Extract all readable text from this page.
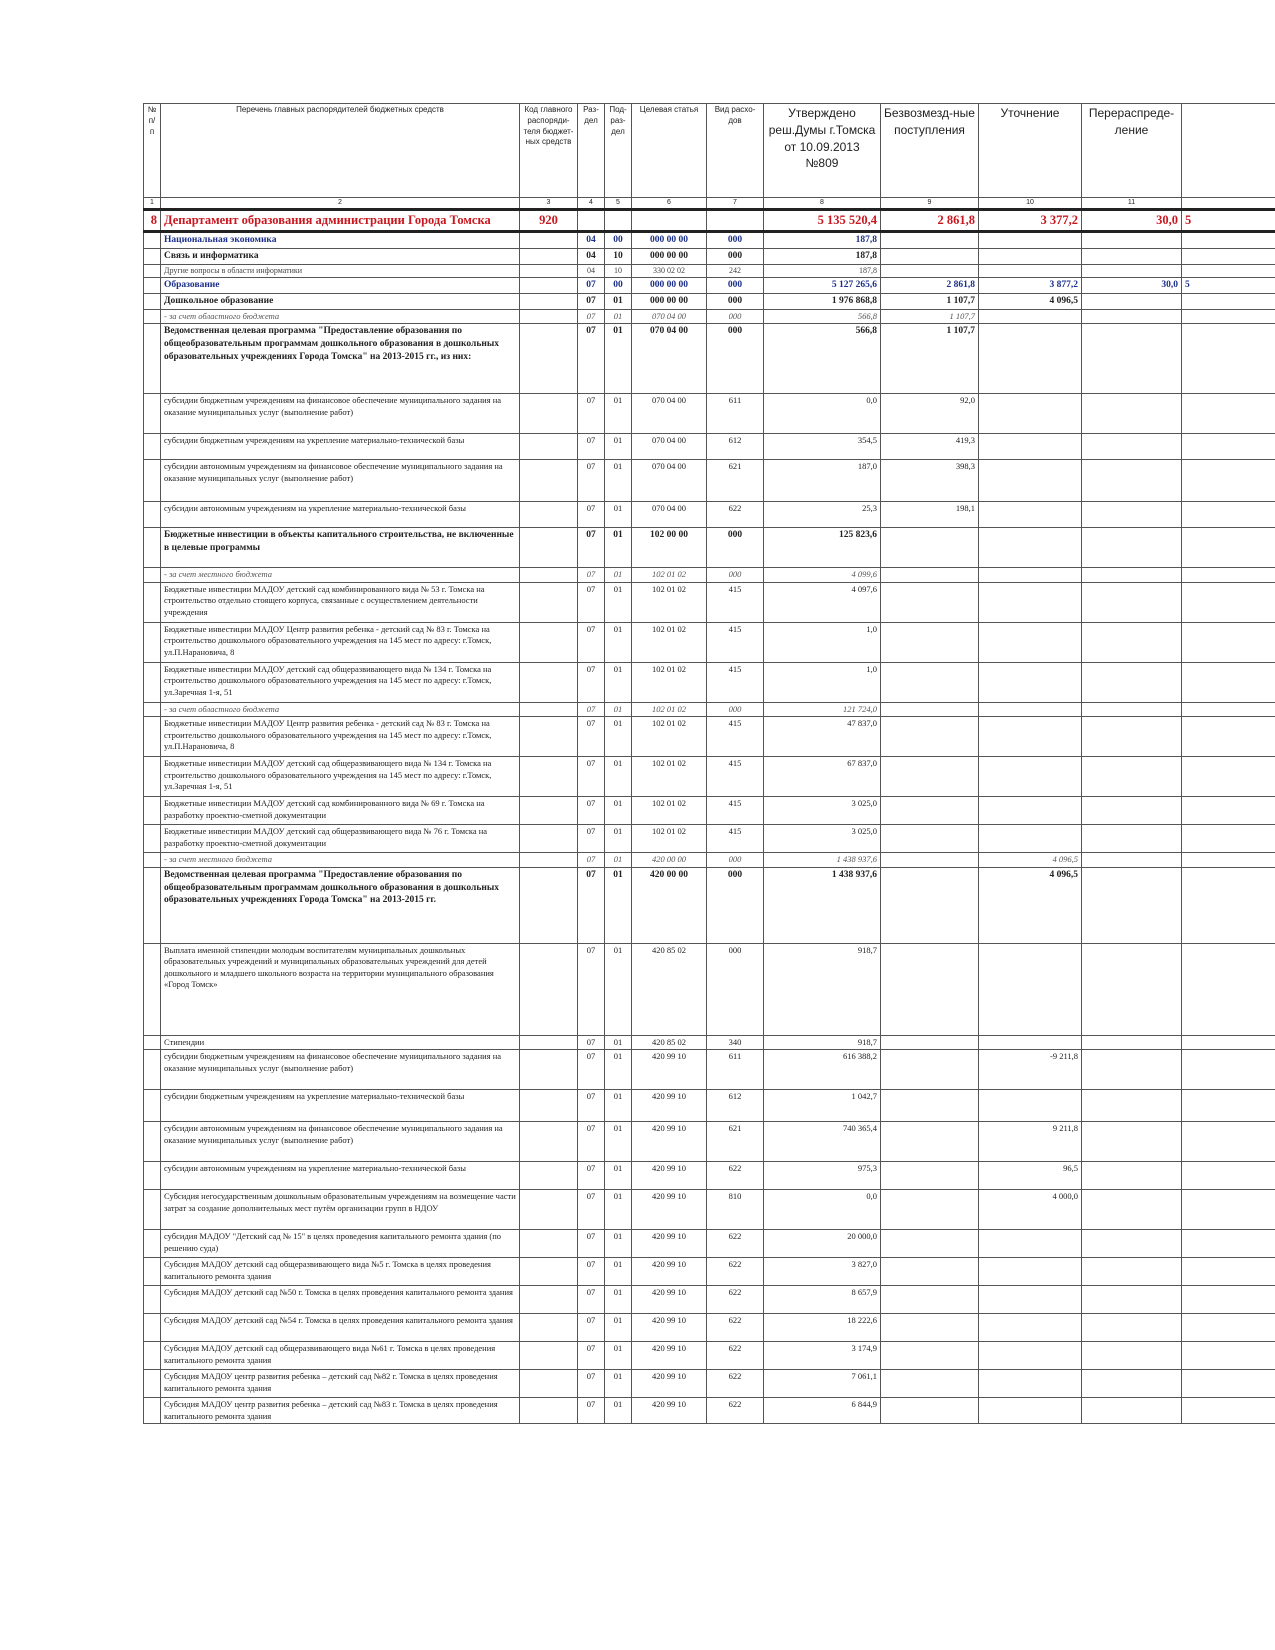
№ п/п	Перечень главных распорядителей бюджетных средств	Код главного распоряди-теля бюджет-ных средств	Раз-дел	Под-раз-дел	Целевая статья	Вид расхо-дов	Утверждено реш.Думы г.Томска от 10.09.2013 №809	Безвозмезд-ные поступления	Уточнение	Перераспреде-ление	
1	2	3	4	5	6	7	8	9	10	11	
8	Департамент образования администрации Города Томска	920					5 135 520,4	2 861,8	3 377,2	30,0	5
	Национальная экономика		04	00	000 00 00	000	187,8				
	Связь и информатика		04	10	000 00 00	000	187,8				
	Другие вопросы в области информатики		04	10	330 02 02	242	187,8				
	Образование		07	00	000 00 00	000	5 127 265,6	2 861,8	3 877,2	30,0	5
	Дошкольное образование		07	01	000 00 00	000	1 976 868,8	1 107,7	4 096,5		
	- за счет областного бюджета		07	01	070 04 00	000	566,8	1 107,7			
	Ведомственная целевая программа "Предоставление образования по общеобразовательным программам дошкольного образования в дошкольных образовательных учреждениях Города Томска" на 2013-2015 гг., из них:		07	01	070 04 00	000	566,8	1 107,7			
	субсидии бюджетным учреждениям на финансовое обеспечение муниципального задания на оказание муниципальных услуг (выполнение работ)		07	01	070 04 00	611	0,0	92,0			
	субсидии бюджетным учреждениям на укрепление материально-технической базы		07	01	070 04 00	612	354,5	419,3			
	субсидии автономным учреждениям на финансовое обеспечение муниципального задания на оказание муниципальных услуг (выполнение работ)		07	01	070 04 00	621	187,0	398,3			
	субсидии автономным учреждениям на укрепление материально-технической базы		07	01	070 04 00	622	25,3	198,1			
	Бюджетные инвестиции в объекты капитального строительства, не включенные в целевые программы		07	01	102 00 00	000	125 823,6				
	- за счет местного бюджета		07	01	102 01 02	000	4 099,6				
	Бюджетные инвестиции МАДОУ детский сад комбинированного вида № 53 г. Томска на строительство отдельно стоящего корпуса, связанные с осуществлением деятельности учреждения		07	01	102 01 02	415	4 097,6				
	Бюджетные инвестиции МАДОУ Центр развития ребенка - детский сад № 83 г. Томска на строительство дошкольного образовательного учреждения на 145 мест по адресу: г.Томск, ул.П.Нарановича, 8		07	01	102 01 02	415	1,0				
	Бюджетные инвестиции МАДОУ детский сад общеразвивающего вида № 134 г. Томска на строительство дошкольного образовательного учреждения на 145 мест по адресу: г.Томск, ул.Заречная 1-я, 51		07	01	102 01 02	415	1,0				
	- за счет областного бюджета		07	01	102 01 02	000	121 724,0				
	Бюджетные инвестиции МАДОУ Центр развития ребенка - детский сад № 83 г. Томска на строительство дошкольного образовательного учреждения на 145 мест по адресу: г.Томск, ул.П.Нарановича, 8		07	01	102 01 02	415	47 837,0				
	Бюджетные инвестиции МАДОУ детский сад общеразвивающего вида № 134 г. Томска на строительство дошкольного образовательного учреждения на 145 мест по адресу: г.Томск, ул.Заречная 1-я, 51		07	01	102 01 02	415	67 837,0				
	Бюджетные инвестиции МАДОУ детский сад комбинированного вида № 69 г. Томска на разработку проектно-сметной документации		07	01	102 01 02	415	3 025,0				
	Бюджетные инвестиции МАДОУ детский сад общеразвивающего вида № 76 г. Томска на разработку проектно-сметной документации		07	01	102 01 02	415	3 025,0				
	- за счет местного бюджета		07	01	420 00 00	000	1 438 937,6		4 096,5		
	Ведомственная целевая программа "Предоставление образования по общеобразовательным программам дошкольного образования в дошкольных образовательных учреждениях Города Томска" на 2013-2015 гг.		07	01	420 00 00	000	1 438 937,6		4 096,5		
	Выплата именной стипендии молодым воспитателям муниципальных дошкольных образовательных учреждений и муниципальных образовательных учреждений для детей дошкольного и младшего школьного возраста на территории муниципального образования «Город Томск»		07	01	420 85 02	000	918,7				
	Стипендии		07	01	420 85 02	340	918,7				
	субсидии бюджетным учреждениям на финансовое обеспечение муниципального задания на оказание муниципальных услуг (выполнение работ)		07	01	420 99 10	611	616 388,2		-9 211,8		
	субсидии бюджетным учреждениям на укрепление материально-технической базы		07	01	420 99 10	612	1 042,7				
	субсидии автономным учреждениям на финансовое обеспечение муниципального задания на оказание муниципальных услуг (выполнение работ)		07	01	420 99 10	621	740 365,4		9 211,8		
	субсидии автономным учреждениям на укрепление материально-технической базы		07	01	420 99 10	622	975,3		96,5		
	Субсидия негосударственным дошкольным образовательным учреждениям на возмещение части затрат за создание дополнительных мест путём организации групп в НДОУ		07	01	420 99 10	810	0,0		4 000,0		
	субсидия МАДОУ "Детский сад № 15" в целях проведения капитального ремонта здания (по решению суда)		07	01	420 99 10	622	20 000,0				
	Субсидия МАДОУ детский сад общеразвивающего вида №5 г. Томска в целях проведения капитального ремонта здания		07	01	420 99 10	622	3 827,0				
	Субсидия МАДОУ детский сад №50 г. Томска в целях проведения капитального ремонта здания		07	01	420 99 10	622	8 657,9				
	Субсидия МАДОУ детский сад №54 г. Томска в целях проведения капитального ремонта здания		07	01	420 99 10	622	18 222,6				
	Субсидия МАДОУ детский сад общеразвивающего вида №61 г. Томска в целях проведения капитального ремонта здания		07	01	420 99 10	622	3 174,9				
	Субсидия МАДОУ центр развития ребенка – детский сад №82 г. Томска в целях проведения капитального ремонта здания		07	01	420 99 10	622	7 061,1				
	Субсидия МАДОУ центр развития ребенка – детский сад №83 г. Томска в целях проведения капитального ремонта здания		07	01	420 99 10	622	6 844,9				
